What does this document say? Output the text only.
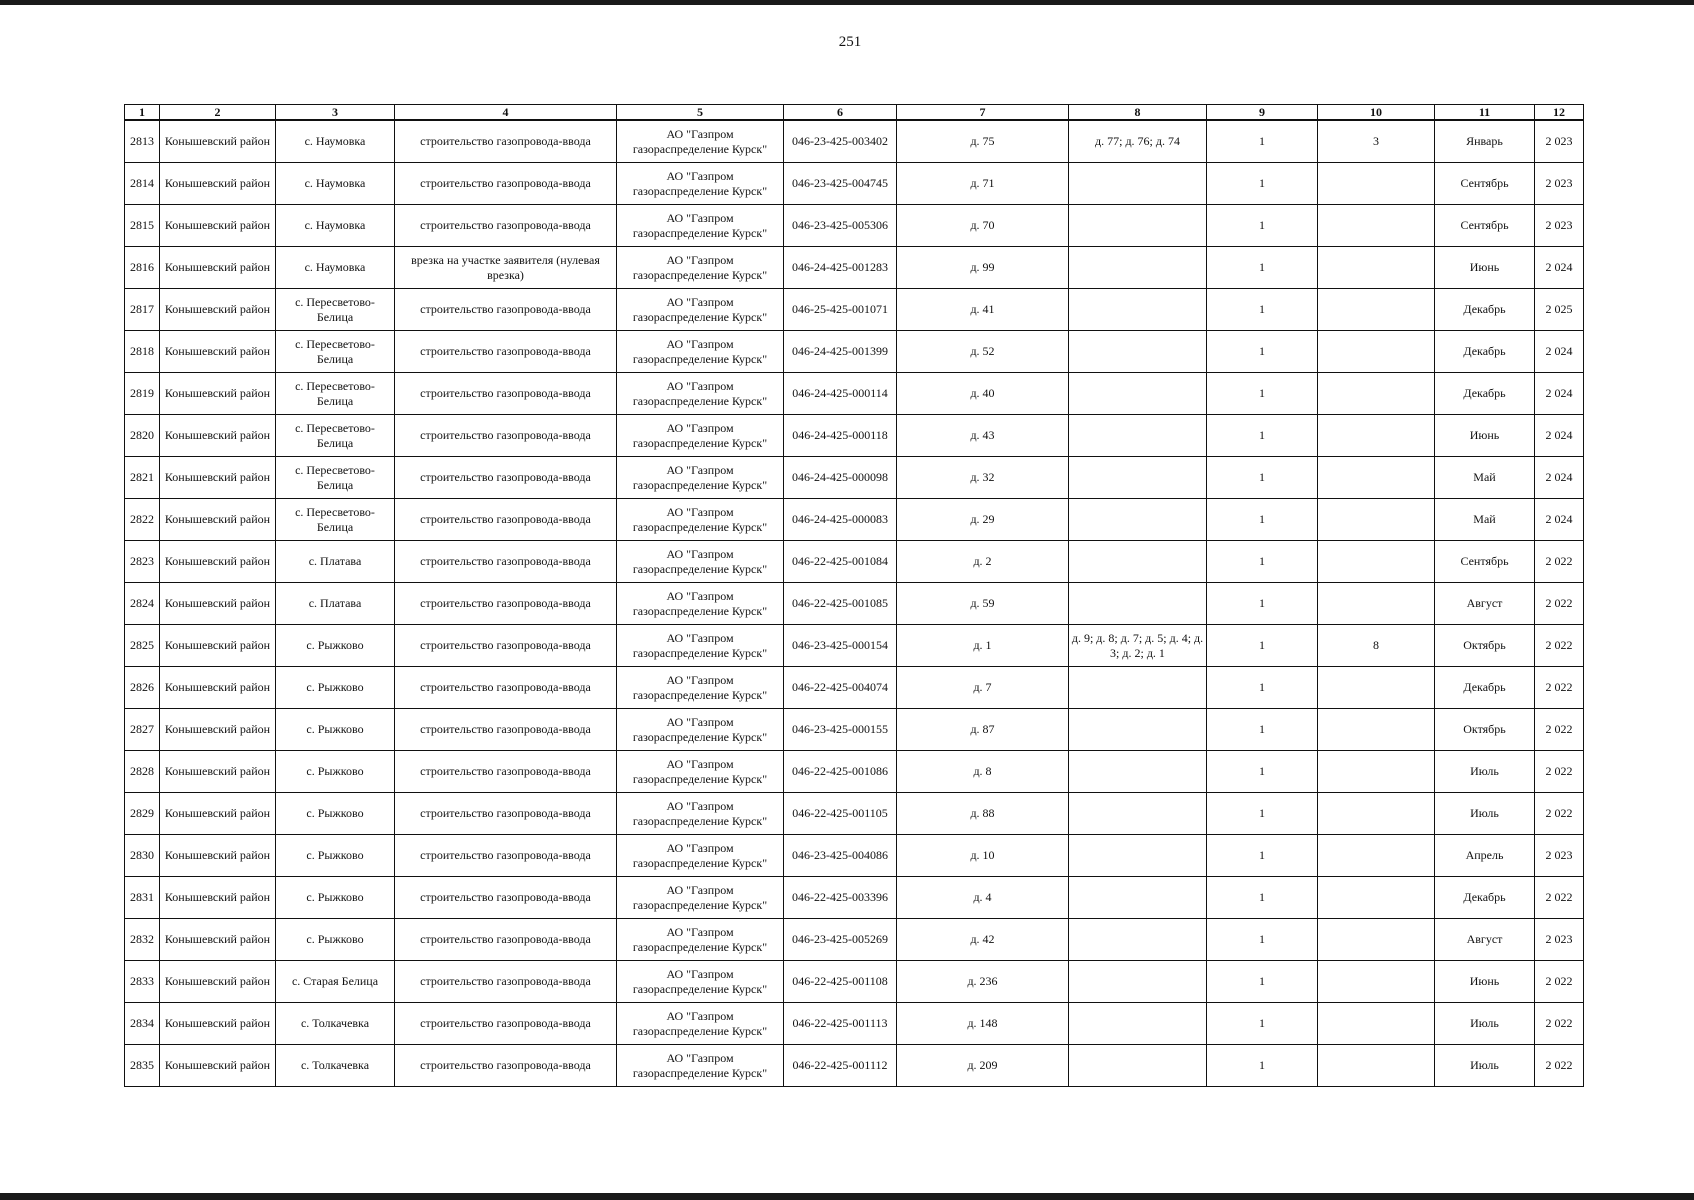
251
1	2	3	4	5	6	7	8	9	10	11	12
2813	Конышевский район	с. Наумовка	строительство газопровода-ввода	АО "Газпром газораспределение Курск"	046-23-425-003402	д. 75	д. 77; д. 76; д. 74	1	3	Январь	2 023
2814	Конышевский район	с. Наумовка	строительство газопровода-ввода	АО "Газпром газораспределение Курск"	046-23-425-004745	д. 71		1		Сентябрь	2 023
2815	Конышевский район	с. Наумовка	строительство газопровода-ввода	АО "Газпром газораспределение Курск"	046-23-425-005306	д. 70		1		Сентябрь	2 023
2816	Конышевский район	с. Наумовка	врезка на участке заявителя (нулевая врезка)	АО "Газпром газораспределение Курск"	046-24-425-001283	д. 99		1		Июнь	2 024
2817	Конышевский район	с. Пересветово-Белица	строительство газопровода-ввода	АО "Газпром газораспределение Курск"	046-25-425-001071	д. 41		1		Декабрь	2 025
2818	Конышевский район	с. Пересветово-Белица	строительство газопровода-ввода	АО "Газпром газораспределение Курск"	046-24-425-001399	д. 52		1		Декабрь	2 024
2819	Конышевский район	с. Пересветово-Белица	строительство газопровода-ввода	АО "Газпром газораспределение Курск"	046-24-425-000114	д. 40		1		Декабрь	2 024
2820	Конышевский район	с. Пересветово-Белица	строительство газопровода-ввода	АО "Газпром газораспределение Курск"	046-24-425-000118	д. 43		1		Июнь	2 024
2821	Конышевский район	с. Пересветово-Белица	строительство газопровода-ввода	АО "Газпром газораспределение Курск"	046-24-425-000098	д. 32		1		Май	2 024
2822	Конышевский район	с. Пересветово-Белица	строительство газопровода-ввода	АО "Газпром газораспределение Курск"	046-24-425-000083	д. 29		1		Май	2 024
2823	Конышевский район	с. Платава	строительство газопровода-ввода	АО "Газпром газораспределение Курск"	046-22-425-001084	д. 2		1		Сентябрь	2 022
2824	Конышевский район	с. Платава	строительство газопровода-ввода	АО "Газпром газораспределение Курск"	046-22-425-001085	д. 59		1		Август	2 022
2825	Конышевский район	с. Рыжково	строительство газопровода-ввода	АО "Газпром газораспределение Курск"	046-23-425-000154	д. 1	д. 9; д. 8; д. 7; д. 5; д. 4; д. 3; д. 2; д. 1	1	8	Октябрь	2 022
2826	Конышевский район	с. Рыжково	строительство газопровода-ввода	АО "Газпром газораспределение Курск"	046-22-425-004074	д. 7		1		Декабрь	2 022
2827	Конышевский район	с. Рыжково	строительство газопровода-ввода	АО "Газпром газораспределение Курск"	046-23-425-000155	д. 87		1		Октябрь	2 022
2828	Конышевский район	с. Рыжково	строительство газопровода-ввода	АО "Газпром газораспределение Курск"	046-22-425-001086	д. 8		1		Июль	2 022
2829	Конышевский район	с. Рыжково	строительство газопровода-ввода	АО "Газпром газораспределение Курск"	046-22-425-001105	д. 88		1		Июль	2 022
2830	Конышевский район	с. Рыжково	строительство газопровода-ввода	АО "Газпром газораспределение Курск"	046-23-425-004086	д. 10		1		Апрель	2 023
2831	Конышевский район	с. Рыжково	строительство газопровода-ввода	АО "Газпром газораспределение Курск"	046-22-425-003396	д. 4		1		Декабрь	2 022
2832	Конышевский район	с. Рыжково	строительство газопровода-ввода	АО "Газпром газораспределение Курск"	046-23-425-005269	д. 42		1		Август	2 023
2833	Конышевский район	с. Старая Белица	строительство газопровода-ввода	АО "Газпром газораспределение Курск"	046-22-425-001108	д. 236		1		Июнь	2 022
2834	Конышевский район	с. Толкачевка	строительство газопровода-ввода	АО "Газпром газораспределение Курск"	046-22-425-001113	д. 148		1		Июль	2 022
2835	Конышевский район	с. Толкачевка	строительство газопровода-ввода	АО "Газпром газораспределение Курск"	046-22-425-001112	д. 209		1		Июль	2 022
